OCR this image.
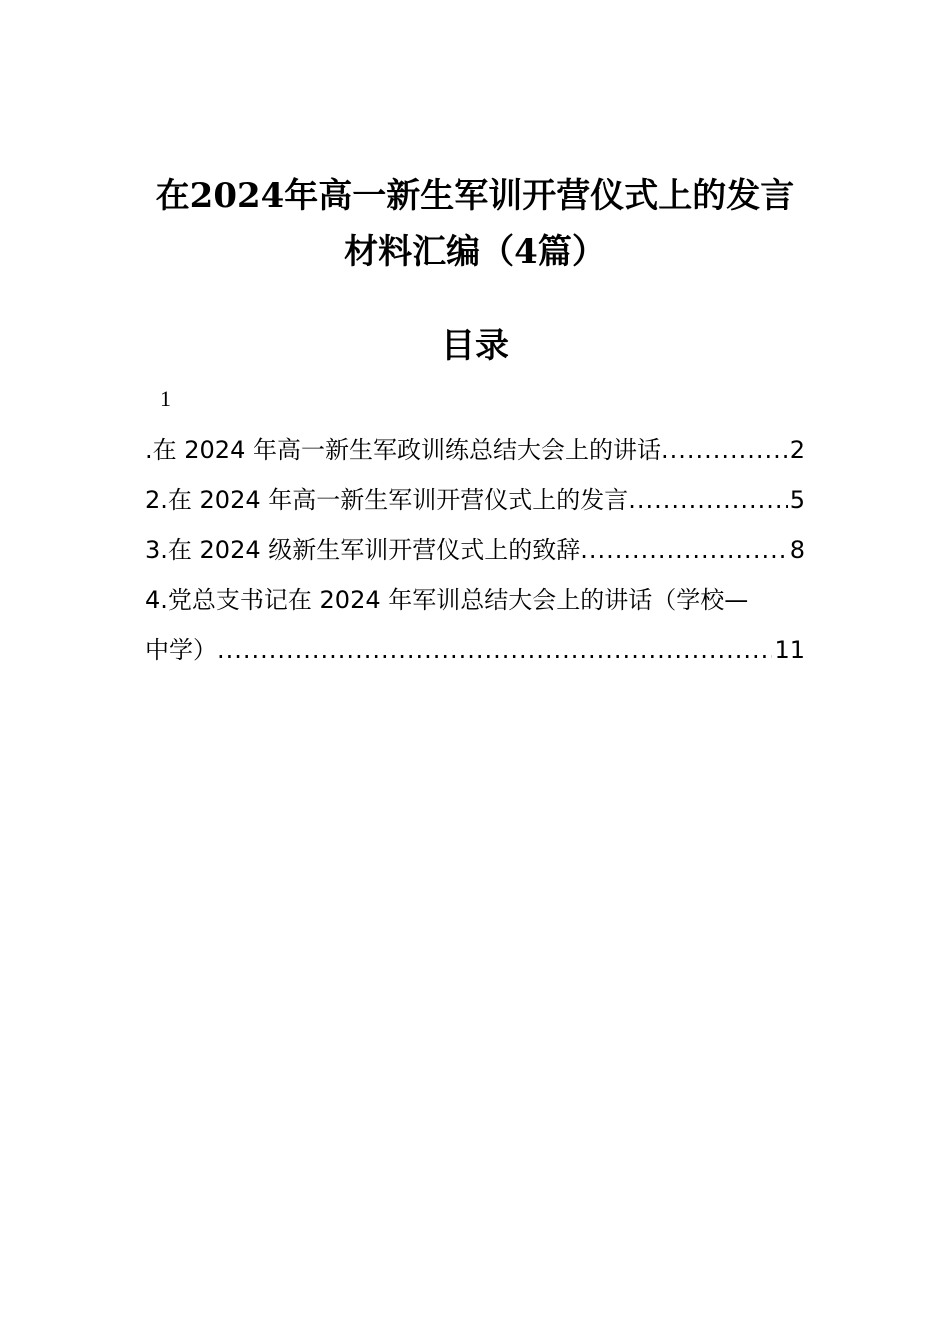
在2024年高一新生军训开营仪式上的发言
材料汇编（4篇）
目录
1
.在 2024 年高一新生军政训练总结大会上的讲话 .....	2
2.在 2024 年高一新生军训开营仪式上的发言 .....	5
3.在 2024 级新生军训开营仪式上的致辞 .....	8
4.党总支书记在 2024 年军训总结大会上的讲话（学校—
中学） .....	11
